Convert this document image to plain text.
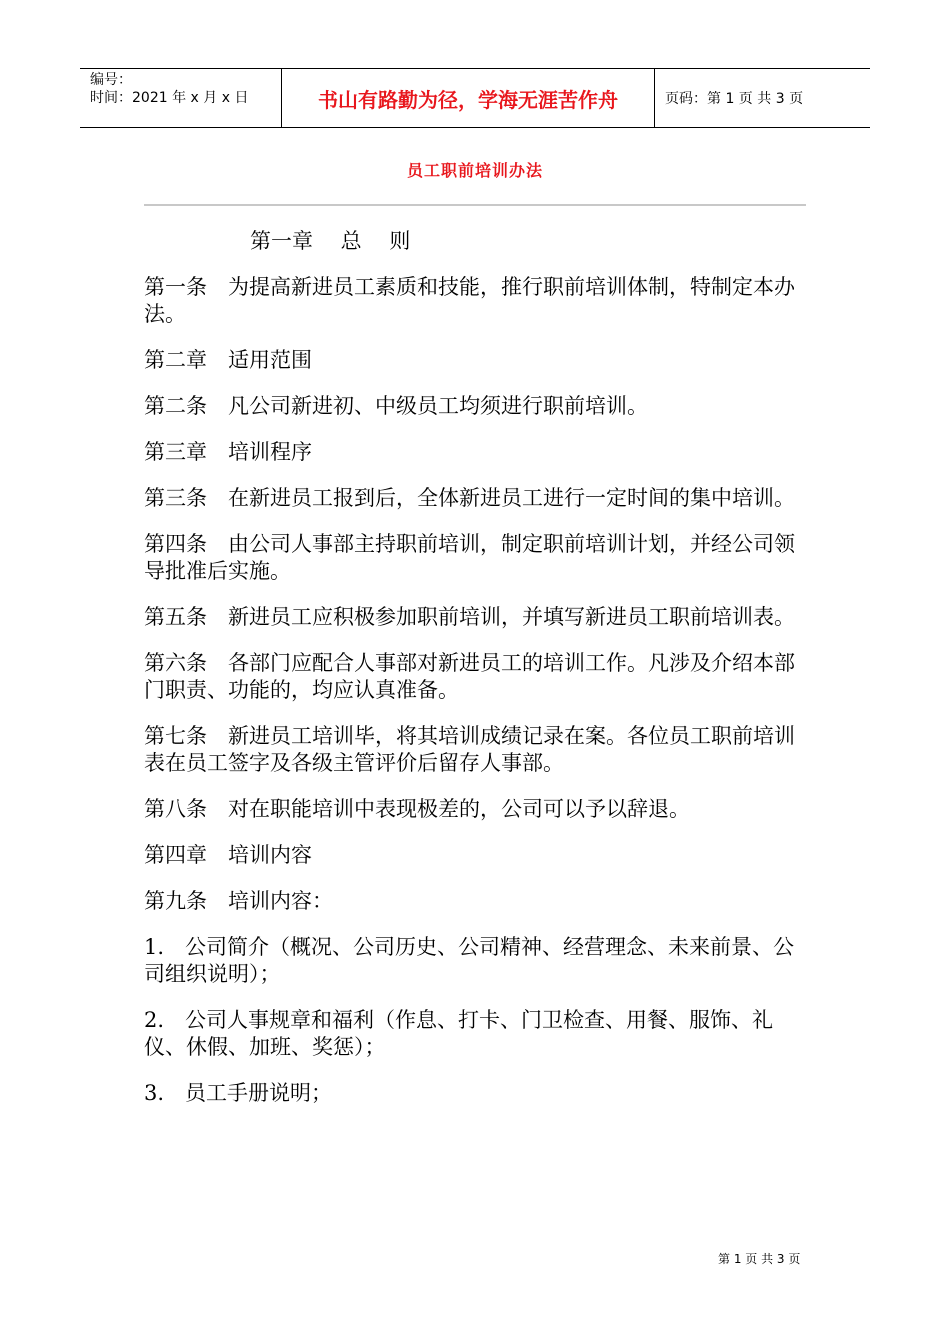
编号：
时间：2021 年 x 月 x 日	书山有路勤为径，学海无涯苦作舟	页码：第 1 页 共 3 页
员工职前培训办法

第一章　 总　 则

第一条　为提高新进员工素质和技能，推行职前培训体制，特制定本办法。

第二章　适用范围

第二条　凡公司新进初、中级员工均须进行职前培训。

第三章　培训程序

第三条　在新进员工报到后，全体新进员工进行一定时间的集中培训。

第四条　由公司人事部主持职前培训，制定职前培训计划，并经公司领导批准后实施。

第五条　新进员工应积极参加职前培训，并填写新进员工职前培训表。

第六条　各部门应配合人事部对新进员工的培训工作。凡涉及介绍本部门职责、功能的，均应认真准备。

第七条　新进员工培训毕，将其培训成绩记录在案。各位员工职前培训表在员工签字及各级主管评价后留存人事部。

第八条　对在职能培训中表现极差的，公司可以予以辞退。

第四章　培训内容

第九条　培训内容：

1.　公司简介（概况、公司历史、公司精神、经营理念、未来前景、公司组织说明）；

2.　公司人事规章和福利（作息、打卡、门卫检查、用餐、服饰、礼仪、休假、加班、奖惩）；

3.　员工手册说明；

第 1 页 共 3 页
